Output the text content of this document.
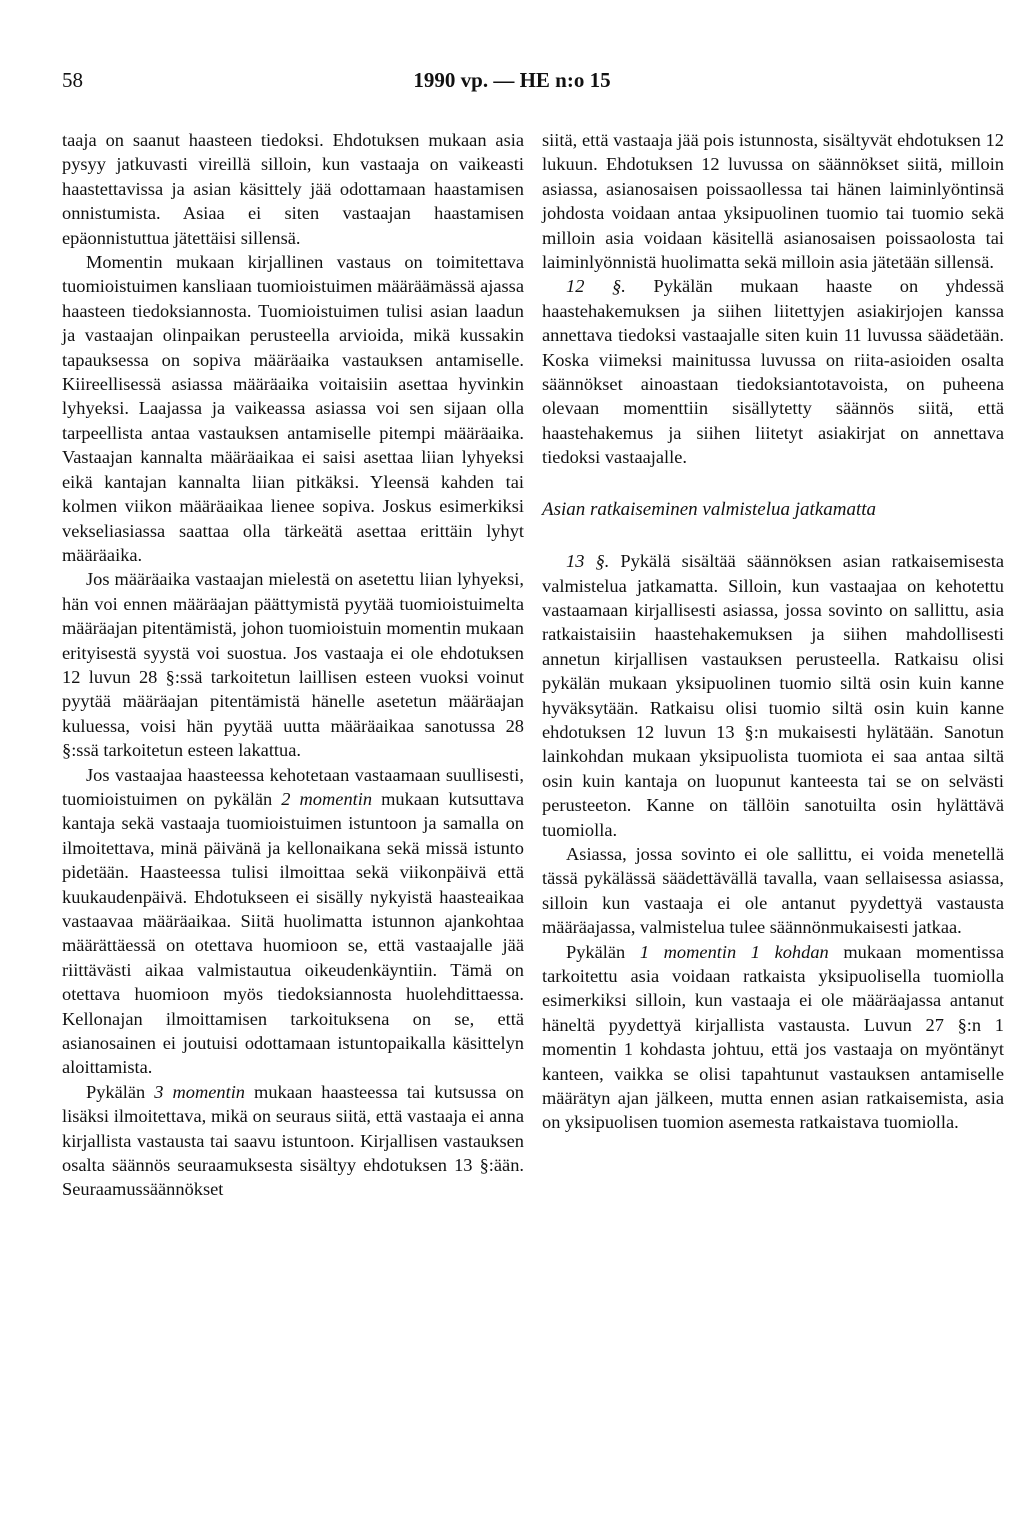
58	1990 vp. — HE n:o 15

taaja on saanut haasteen tiedoksi. Ehdotuksen mukaan asia pysyy jatkuvasti vireillä silloin, kun vastaaja on vaikeasti haastettavissa ja asian käsittely jää odottamaan haastamisen onnistumista. Asiaa ei siten vastaajan haastamisen epäonnistuttua jätettäisi sillensä.

Momentin mukaan kirjallinen vastaus on toimitettava tuomioistuimen kansliaan tuomioistuimen määräämässä ajassa haasteen tiedoksiannosta. Tuomioistuimen tulisi asian laadun ja vastaajan olinpaikan perusteella arvioida, mikä kussakin tapauksessa on sopiva määräaika vastauksen antamiselle. Kiireellisessä asiassa määräaika voitaisiin asettaa hyvinkin lyhyeksi. Laajassa ja vaikeassa asiassa voi sen sijaan olla tarpeellista antaa vastauksen antamiselle pitempi määräaika. Vastaajan kannalta määräaikaa ei saisi asettaa liian lyhyeksi eikä kantajan kannalta liian pitkäksi. Yleensä kahden tai kolmen viikon määräaikaa lienee sopiva. Joskus esimerkiksi vekseliasiassa saattaa olla tärkeätä asettaa erittäin lyhyt määräaika.

Jos määräaika vastaajan mielestä on asetettu liian lyhyeksi, hän voi ennen määräajan päättymistä pyytää tuomioistuimelta määräajan pitentämistä, johon tuomioistuin momentin mukaan erityisestä syystä voi suostua. Jos vastaaja ei ole ehdotuksen 12 luvun 28 §:ssä tarkoitetun laillisen esteen vuoksi voinut pyytää määräajan pitentämistä hänelle asetetun määräajan kuluessa, voisi hän pyytää uutta määräaikaa sanotussa 28 §:ssä tarkoitetun esteen lakattua.

Jos vastaajaa haasteessa kehotetaan vastaamaan suullisesti, tuomioistuimen on pykälän 2 momentin mukaan kutsuttava kantaja sekä vastaaja tuomioistuimen istuntoon ja samalla on ilmoitettava, minä päivänä ja kellonaikana sekä missä istunto pidetään. Haasteessa tulisi ilmoittaa sekä viikonpäivä että kuukaudenpäivä. Ehdotukseen ei sisälly nykyistä haasteaikaa vastaavaa määräaikaa. Siitä huolimatta istunnon ajankohtaa määrättäessä on otettava huomioon se, että vastaajalle jää riittävästi aikaa valmistautua oikeudenkäyntiin. Tämä on otettava huomioon myös tiedoksiannosta huolehdittaessa. Kellonajan ilmoittamisen tarkoituksena on se, että asianosainen ei joutuisi odottamaan istuntopaikalla käsittelyn aloittamista.

Pykälän 3 momentin mukaan haasteessa tai kutsussa on lisäksi ilmoitettava, mikä on seuraus siitä, että vastaaja ei anna kirjallista vastausta tai saavu istuntoon. Kirjallisen vastauksen osalta säännös seuraamuksesta sisältyy ehdotuksen 13 §:ään. Seuraamussäännökset

siitä, että vastaaja jää pois istunnosta, sisältyvät ehdotuksen 12 lukuun. Ehdotuksen 12 luvussa on säännökset siitä, milloin asiassa, asianosaisen poissaollessa tai hänen laiminlyöntinsä johdosta voidaan antaa yksipuolinen tuomio tai tuomio sekä milloin asia voidaan käsitellä asianosaisen poissaolosta tai laiminlyönnistä huolimatta sekä milloin asia jätetään sillensä.

12 §. Pykälän mukaan haaste on yhdessä haastehakemuksen ja siihen liitettyjen asiakirjojen kanssa annettava tiedoksi vastaajalle siten kuin 11 luvussa säädetään. Koska viimeksi mainitussa luvussa on riita-asioiden osalta säännökset ainoastaan tiedoksiantotavoista, on puheena olevaan momenttiin sisällytetty säännös siitä, että haastehakemus ja siihen liitetyt asiakirjat on annettava tiedoksi vastaajalle.

Asian ratkaiseminen valmistelua jatkamatta

13 §. Pykälä sisältää säännöksen asian ratkaisemisesta valmistelua jatkamatta. Silloin, kun vastaajaa on kehotettu vastaamaan kirjallisesti asiassa, jossa sovinto on sallittu, asia ratkaistaisiin haastehakemuksen ja siihen mahdollisesti annetun kirjallisen vastauksen perusteella. Ratkaisu olisi pykälän mukaan yksipuolinen tuomio siltä osin kuin kanne hyväksytään. Ratkaisu olisi tuomio siltä osin kuin kanne ehdotuksen 12 luvun 13 §:n mukaisesti hylätään. Sanotun lainkohdan mukaan yksipuolista tuomiota ei saa antaa siltä osin kuin kantaja on luopunut kanteesta tai se on selvästi perusteeton. Kanne on tällöin sanotuilta osin hylättävä tuomiolla.

Asiassa, jossa sovinto ei ole sallittu, ei voida menetellä tässä pykälässä säädettävällä tavalla, vaan sellaisessa asiassa, silloin kun vastaaja ei ole antanut pyydettyä vastausta määräajassa, valmistelua tulee säännönmukaisesti jatkaa.

Pykälän 1 momentin 1 kohdan mukaan momentissa tarkoitettu asia voidaan ratkaista yksipuolisella tuomiolla esimerkiksi silloin, kun vastaaja ei ole määräajassa antanut häneltä pyydettyä kirjallista vastausta. Luvun 27 §:n 1 momentin 1 kohdasta johtuu, että jos vastaaja on myöntänyt kanteen, vaikka se olisi tapahtunut vastauksen antamiselle määrätyn ajan jälkeen, mutta ennen asian ratkaisemista, asia on yksipuolisen tuomion asemesta ratkaistava tuomiolla.
